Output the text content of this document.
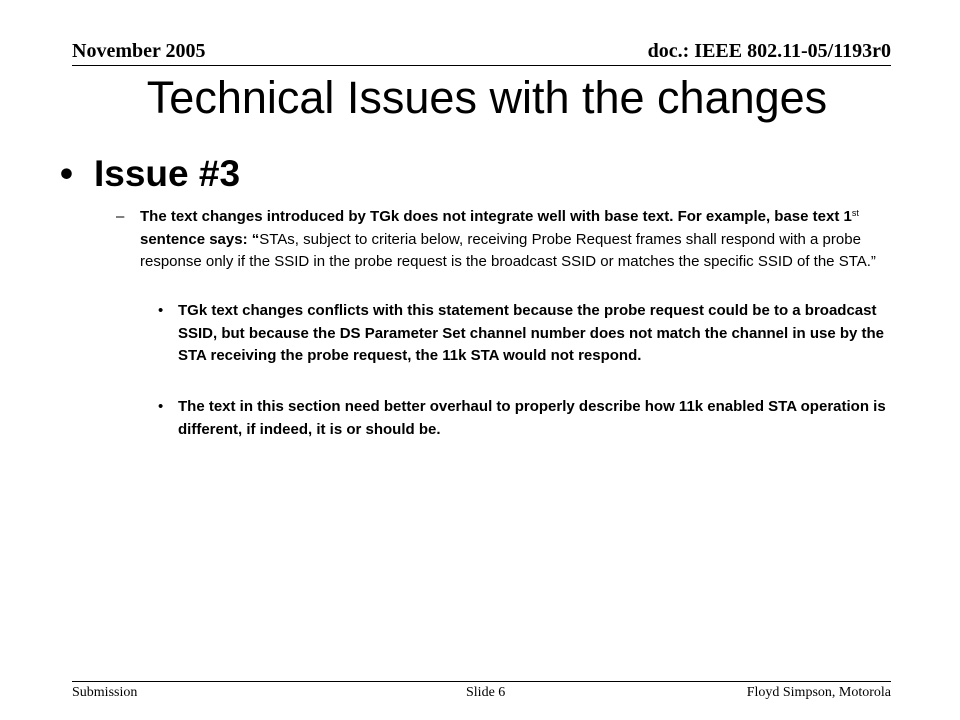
November 2005	doc.: IEEE 802.11-05/1193r0
Technical Issues with the changes
• Issue #3
– The text changes introduced by TGk does not integrate well with base text. For example, base text 1st sentence says: “STAs, subject to criteria below, receiving Probe Request frames shall respond with a probe response only if the SSID in the probe request is the broadcast SSID or matches the specific SSID of the STA.”
• TGk text changes conflicts with this statement because the probe request could be to a broadcast SSID, but because the DS Parameter Set channel number does not match the channel in use by the STA receiving the probe request, the 11k STA would not respond.
• The text in this section need better overhaul to properly describe how 11k enabled STA operation is different, if indeed, it is or should be.
Submission	Slide 6	Floyd Simpson, Motorola
